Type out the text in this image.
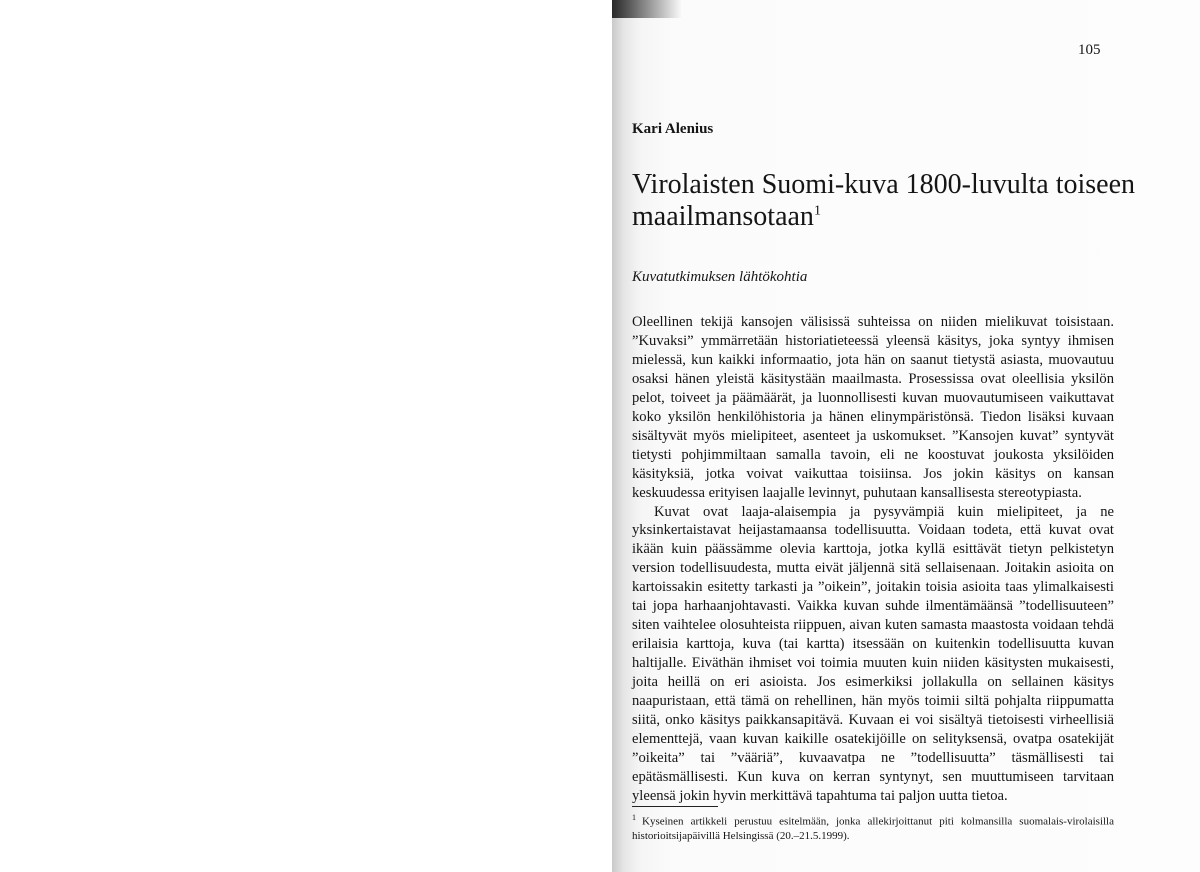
105
Kari Alenius
Virolaisten Suomi-kuva 1800-luvulta toiseen maailmansotaan$^1$
Kuvatutkimuksen lähtökohtia

Oleellinen tekijä kansojen välisissä suhteissa on niiden mielikuvat toisistaan. ”Kuvaksi” ymmärretään historiatieteessä yleensä käsitys, joka syntyy ihmisen mielessä, kun kaikki informaatio, jota hän on saanut tietystä asiasta, muovautuu osaksi hänen yleistä käsitystään maailmasta. Prosessissa ovat oleellisia yksilön pelot, toiveet ja päämäärät, ja luonnollisesti kuvan muovautumiseen vaikuttavat koko yksilön henkilöhistoria ja hänen elinympäristönsä. Tiedon lisäksi kuvaan sisältyvät myös mielipiteet, asenteet ja uskomukset. ”Kansojen kuvat” syntyvät tietysti pohjimmiltaan samalla tavoin, eli ne koostuvat joukosta yksilöiden käsityksiä, jotka voivat vaikuttaa toisiinsa. Jos jokin käsitys on kansan keskuudessa erityisen laajalle levinnyt, puhutaan kansallisesta stereotypiasta.

Kuvat ovat laaja-alaisempia ja pysyvämpiä kuin mielipiteet, ja ne yksinkertaistavat heijastamaansa todellisuutta. Voidaan todeta, että kuvat ovat ikään kuin päässämme olevia karttoja, jotka kyllä esittävät tietyn pelkistetyn version todellisuudesta, mutta eivät jäljennä sitä sellaisenaan. Joitakin asioita on kartoissakin esitetty tarkasti ja ”oikein”, joitakin toisia asioita taas ylimalkaisesti tai jopa harhaanjohtavasti. Vaikka kuvan suhde ilmentämäänsä ”todellisuuteen” siten vaihtelee olosuhteista riippuen, aivan kuten samasta maastosta voidaan tehdä erilaisia karttoja, kuva (tai kartta) itsessään on kuitenkin todellisuutta kuvan haltijalle. Eiväthän ihmiset voi toimia muuten kuin niiden käsitysten mukaisesti, joita heillä on eri asioista. Jos esimerkiksi jollakulla on sellainen käsitys naapuristaan, että tämä on rehellinen, hän myös toimii siltä pohjalta riippumatta siitä, onko käsitys paikkansapitävä. Kuvaan ei voi sisältyä tietoisesti virheellisiä elementtejä, vaan kuvan kaikille osatekijöille on selityksensä, ovatpa osatekijät ”oikeita” tai ”vääriä”, kuvaavatpa ne ”todellisuutta” täsmällisesti tai epätäsmällisesti. Kun kuva on kerran syntynyt, sen muuttumiseen tarvitaan yleensä jokin hyvin merkittävä tapahtuma tai paljon uutta tietoa.

1 Kyseinen artikkeli perustuu esitelmään, jonka allekirjoittanut piti kolmansilla suomalais-virolaisilla historioitsijapäivillä Helsingissä (20.–21.5.1999).
